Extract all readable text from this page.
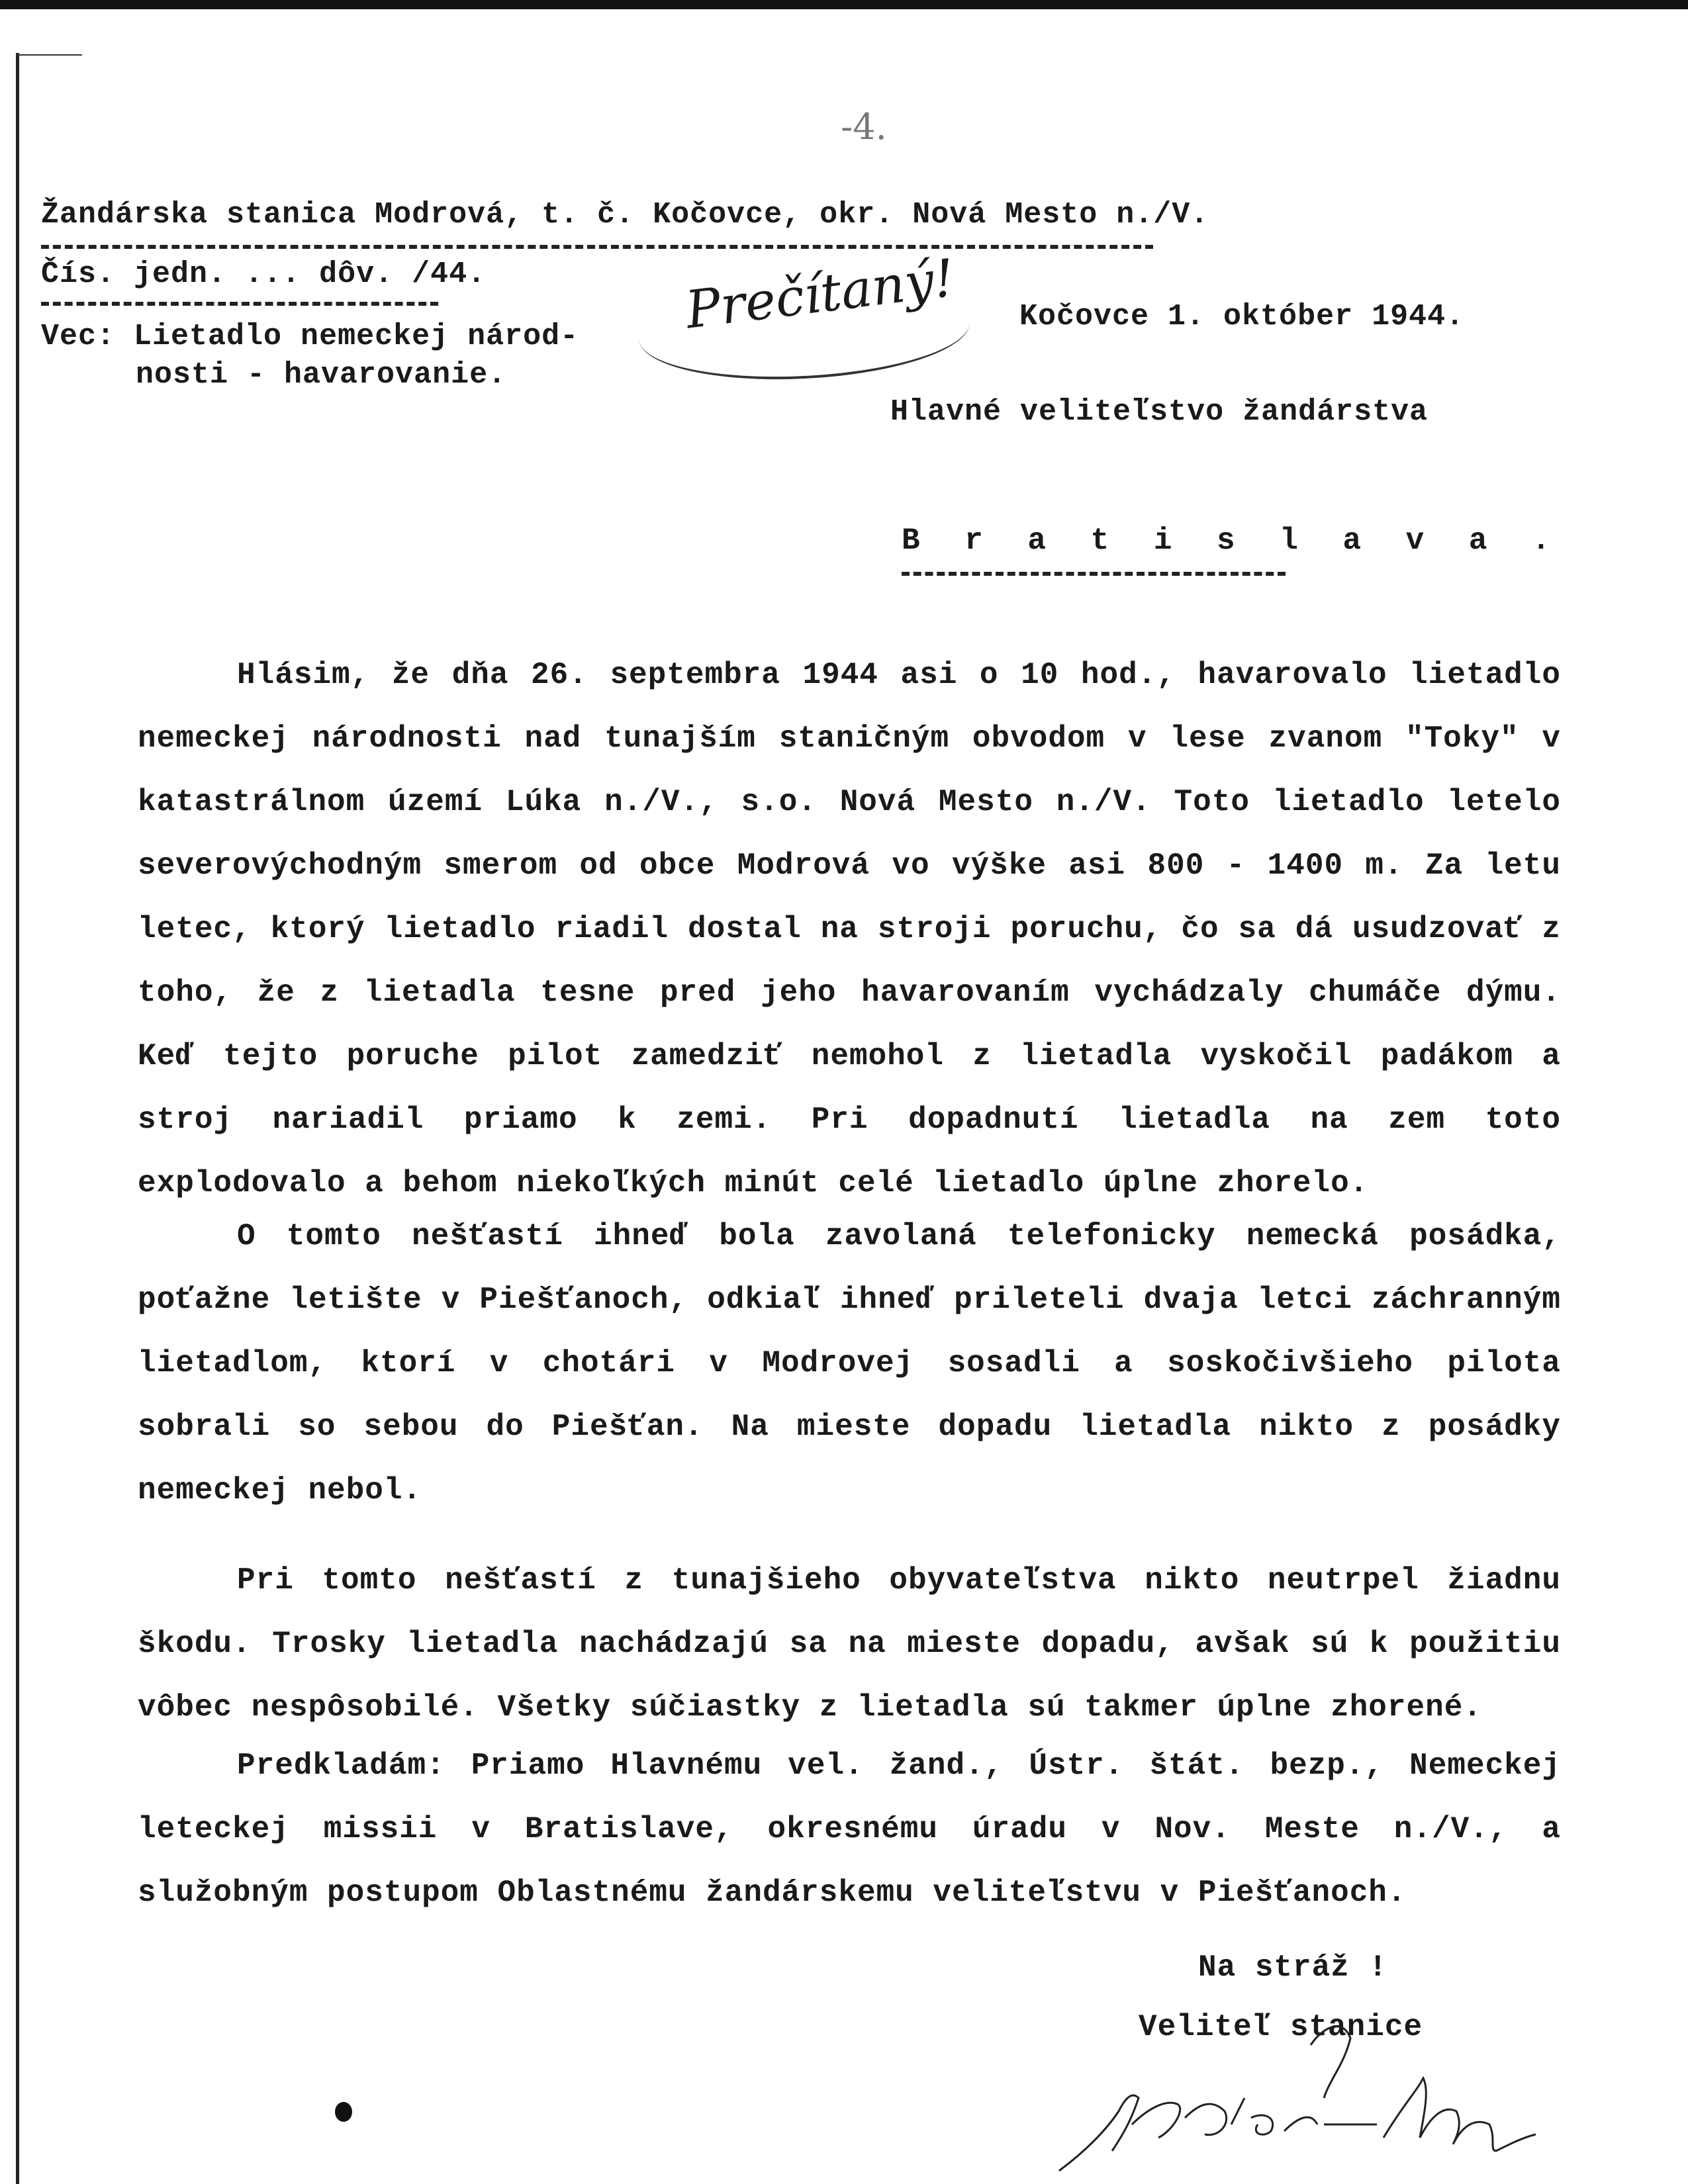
-4.
Žandárska stanica Modrová, t. č. Kočovce, okr. Nová Mesto n./V.
Čís. jedn. ... dôv. /44.
Vec: Lietadlo nemeckej národ-
nosti - havarovanie.
Prečítaný! Kočovce 1. október 1944.
Hlavné veliteľstvo žandárstva
B r a t i s l a v a .
Hlásim, že dňa 26. septembra 1944 asi o 10 hod., havarovalo lietadlo nemeckej národnosti nad tunajším staničným obvodom v lese zvanom "Toky" v katastrálnom území Lúka n./V., s.o. Nová Mesto n./V. Toto lietadlo letelo severovýchodným smerom od obce Modrová vo výške asi 800 - 1400 m. Za letu letec, ktorý lietadlo riadil dostal na stroji poruchu, čo sa dá usudzovať z toho, že z lietadla tesne pred jeho havarovaním vychádzaly chumáče dýmu. Keď tejto poruche pilot zamedziť nemohol z lietadla vyskočil padákom a stroj nariadil priamo k zemi. Pri dopadnutí lietadla na zem toto explodovalo a behom niekoľkých minút celé lietadlo úplne zhorelo.
O tomto nešťastí ihneď bola zavolaná telefonicky nemecká posádka, poťažne letište v Piešťanoch, odkiaľ ihneď prileteli dvaja letci záchranným lietadlom, ktorí v chotári v Modrovej sosadli a soskočivšieho pilota sobrali so sebou do Piešťan. Na mieste dopadu lietadla nikto z posádky nemeckej nebol.
Pri tomto nešťastí z tunajšieho obyvateľstva nikto neutrpel žiadnu škodu. Trosky lietadla nachádzajú sa na mieste dopadu, avšak sú k použitiu vôbec nespôsobilé. Všetky súčiastky z lietadla sú takmer úplne zhorené.
Predkladám: Priamo Hlavnému vel. žand., Ústr. štát. bezp., Nemeckej leteckej missii v Bratislave, okresnému úradu v Nov. Meste n./V., a služobným postupom Oblastnému žandárskemu veliteľstvu v Piešťanoch.
Na stráž !
Veliteľ stanice
